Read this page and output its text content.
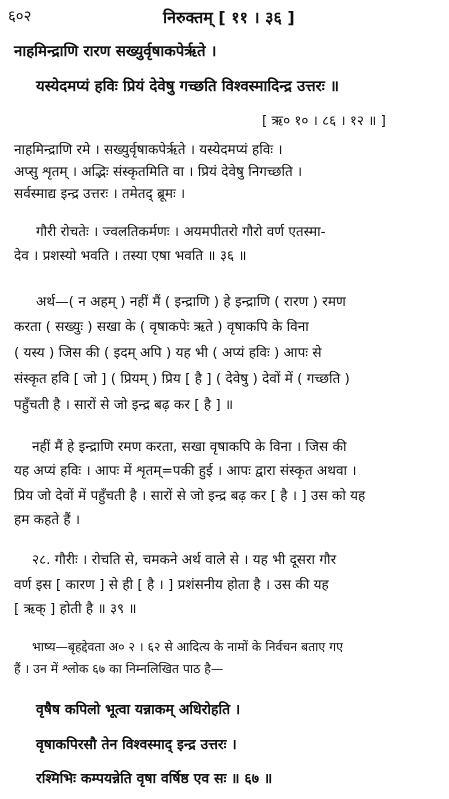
६०२	निरुक्तम् [ ११ । ३६ ]
नाहमिन्द्राणि रारण सख्युर्वृषाकपेर्ऋते ।
यस्येदमप्यं हविः प्रियं देवेषु गच्छति विश्वस्मादिन्द्र उत्तरः ॥
[ ऋ० १० । ८६ । १२ ॥ ]
नाहमिन्द्राणि रमे । सख्युर्वृषाकपेर्ऋते । यस्येदमप्यं हविः ।
अप्सु शृतम् । अद्भिः संस्कृतमिति वा । प्रियं देवेषु निगच्छति ।
सर्वस्माद्य इन्द्र उत्तरः । तमेतद् ब्रूमः ।
गौरी रोचतेः । ज्वलतिकर्मणः । अयमपीतरो गौरो वर्ण एतस्मा-
देव । प्रशस्यो भवति । तस्या एषा भवति ॥ ३६ ॥
अर्थ—( न अहम् ) नहीं मैं ( इन्द्राणि ) हे इन्द्राणि ( रारण ) रमण
करता ( सख्युः ) सखा के ( वृषाकपेः ऋते ) वृषाकपि के विना
( यस्य ) जिस की ( इदम् अपि ) यह भी ( अप्यं हविः ) आपः से
संस्कृत हवि [ जो ] ( प्रियम् ) प्रिय [ है ] ( देवेषु ) देवों में ( गच्छति )
पहुँचती है । सारों से जो इन्द्र बढ़ कर [ है ] ॥
नहीं मैं हे इन्द्राणि रमण करता, सखा वृषाकपि के विना । जिस की
यह अप्यं हविः । आपः में शृतम्=पकी हुई । आपः द्वारा संस्कृत अथवा ।
प्रिय जो देवों में पहुँचती है । सारों से जो इन्द्र बढ़ कर [ है । ] उस को यह
हम कहते हैं ।
२८. गौरीः । रोचति से, चमकने अर्थ वाले से । यह भी दूसरा गौर
वर्ण इस [ कारण ] से ही [ है । ] प्रशंसनीय होता है । उस की यह
[ ऋक् ] होती है ॥ ३९ ॥
भाष्य—बृहद्देवता अ० २ । ६२ से आदित्य के नामों के निर्वचन बताए गए
हैं । उन में श्लोक ६७ का निम्नलिखित पाठ है—
वृषैष कपिलो भूत्वा यन्नाकम् अधिरोहति ।
वृषाकपिरसौ तेन विश्वस्माद् इन्द्र उत्तरः ।
रश्मिभिः कम्पयन्नेति वृषा वर्षिष्ठ एव सः ॥ ६७ ॥
